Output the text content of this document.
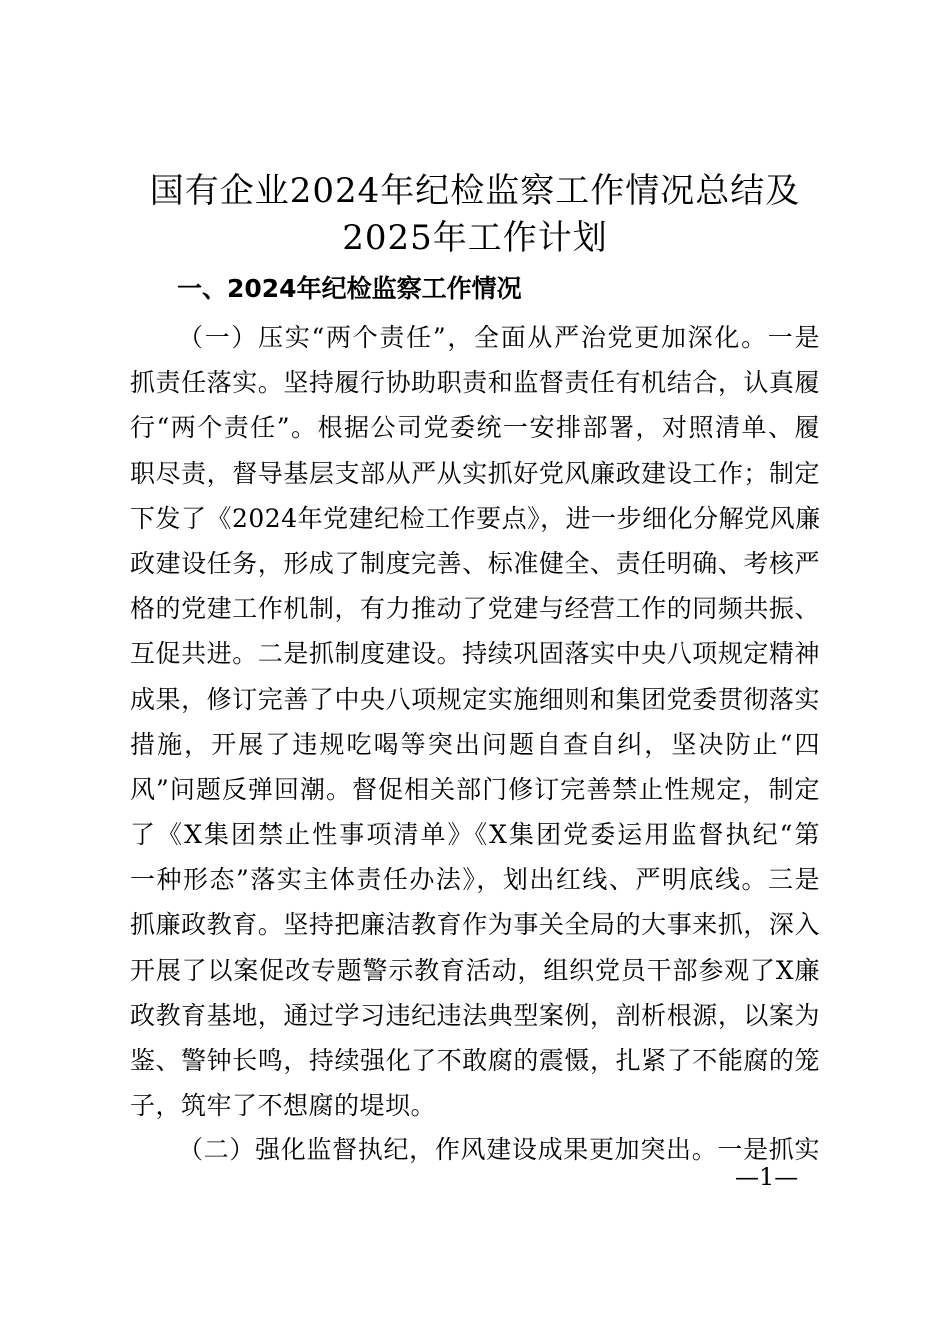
国有企业2024年纪检监察工作情况总结及
2025年工作计划
一、2024年纪检监察工作情况
（一）压实“两个责任”，全面从严治党更加深化。一是
抓责任落实。坚持履行协助职责和监督责任有机结合，认真履
行“两个责任”。根据公司党委统一安排部署，对照清单、履
职尽责，督导基层支部从严从实抓好党风廉政建设工作；制定
下发了《2024年党建纪检工作要点》，进一步细化分解党风廉
政建设任务，形成了制度完善、标准健全、责任明确、考核严
格的党建工作机制，有力推动了党建与经营工作的同频共振、
互促共进。二是抓制度建设。持续巩固落实中央八项规定精神
成果，修订完善了中央八项规定实施细则和集团党委贯彻落实
措施，开展了违规吃喝等突出问题自查自纠，坚决防止“四
风”问题反弹回潮。督促相关部门修订完善禁止性规定，制定
了《X集团禁止性事项清单》《X集团党委运用监督执纪“第
一种形态”落实主体责任办法》，划出红线、严明底线。三是
抓廉政教育。坚持把廉洁教育作为事关全局的大事来抓，深入
开展了以案促改专题警示教育活动，组织党员干部参观了X廉
政教育基地，通过学习违纪违法典型案例，剖析根源，以案为
鉴、警钟长鸣，持续强化了不敢腐的震慑，扎紧了不能腐的笼
子，筑牢了不想腐的堤坝。
（二）强化监督执纪，作风建设成果更加突出。一是抓实
—1—
